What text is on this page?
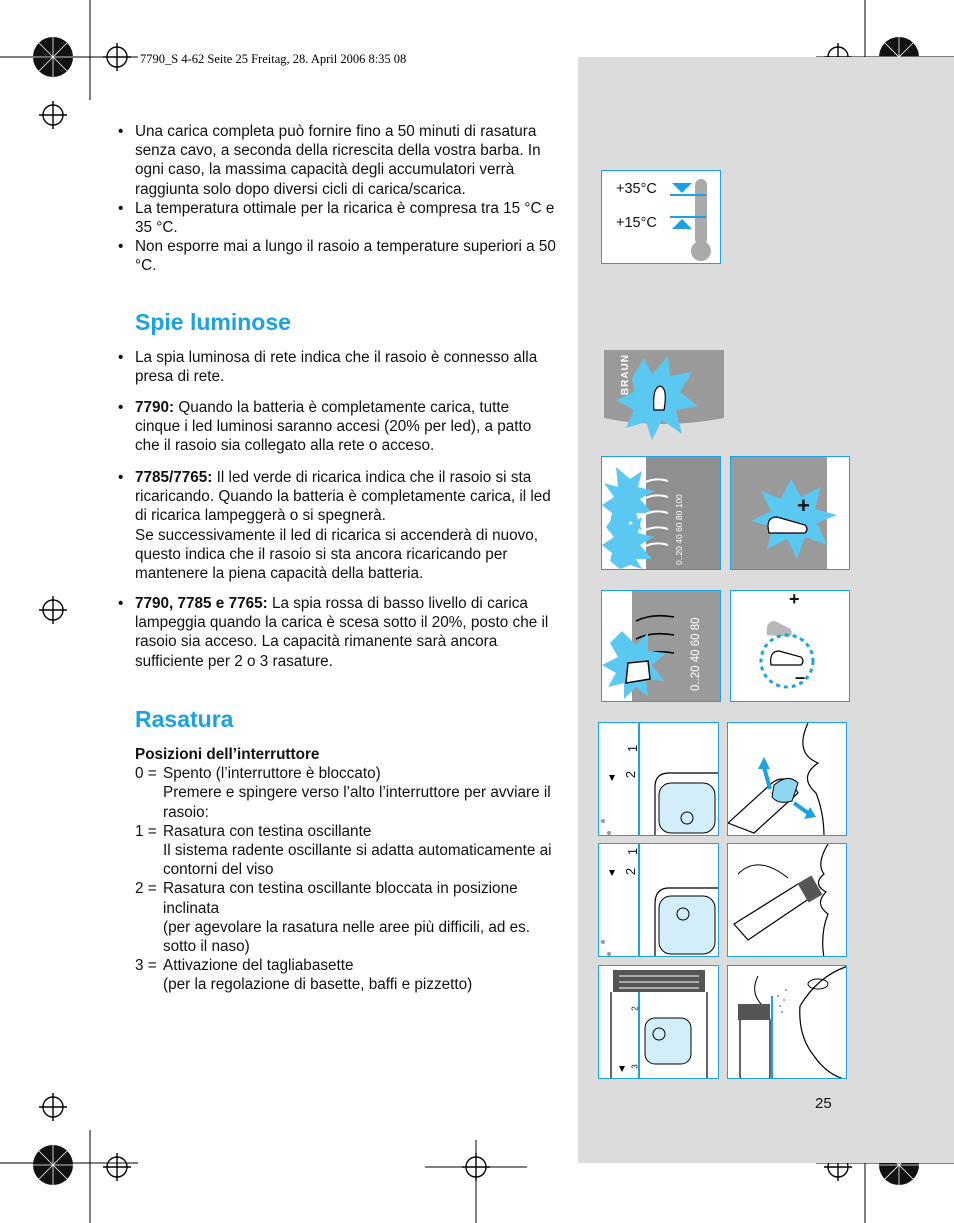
7790_S 4-62 Seite 25 Freitag, 28. April 2006 8:35 08

• Una carica completa può fornire fino a 50 minuti di rasatura senza cavo, a seconda della ricrescita della vostra barba. In ogni caso, la massima capacità degli accumulatori verrà raggiunta solo dopo diversi cicli di carica/scarica.

• La temperatura ottimale per la ricarica è compresa tra 15 °C e 35 °C.

• Non esporre mai a lungo il rasoio a temperature superiori a 50 °C.

Spie luminose

• La spia luminosa di rete indica che il rasoio è connesso alla presa di rete.

• 7790: Quando la batteria è completamente carica, tutte cinque i led luminosi saranno accesi (20% per led), a patto che il rasoio sia collegato alla rete o acceso.

• 7785/7765: Il led verde di ricarica indica che il rasoio si sta ricaricando. Quando la batteria è completamente carica, il led di ricarica lampeggerà o si spegnerà.

Se successivamente il led di ricarica si accenderà di nuovo, questo indica che il rasoio si sta ancora ricaricando per mantenere la piena capacità della batteria.

• 7790, 7785 e 7765: La spia rossa di basso livello di carica lampeggia quando la carica è scesa sotto il 20%, posto che il rasoio sia acceso. La capacità rimanente sarà ancora sufficiente per 2 o 3 rasature.

Rasatura
Posizioni dell’interruttore
0 = Spento (l’interruttore è bloccato)
Premere e spingere verso l’alto l’interruttore per avviare il rasoio:
1 = Rasatura con testina oscillante
Il sistema radente oscillante si adatta automaticamente ai contorni del viso
2 = Rasatura con testina oscillante bloccata in posizione inclinata
(per agevolare la rasatura nelle aree più difficili, ad es. sotto il naso)
3 = Attivazione del tagliabasette
(per la regolazione di basette, baffi e pizzetto)
25
+35°C
+15°C
BRAUN
0..20 40 60 80 100	+
0..20 40 60 80
+
–
2
1
2
1
2
3
